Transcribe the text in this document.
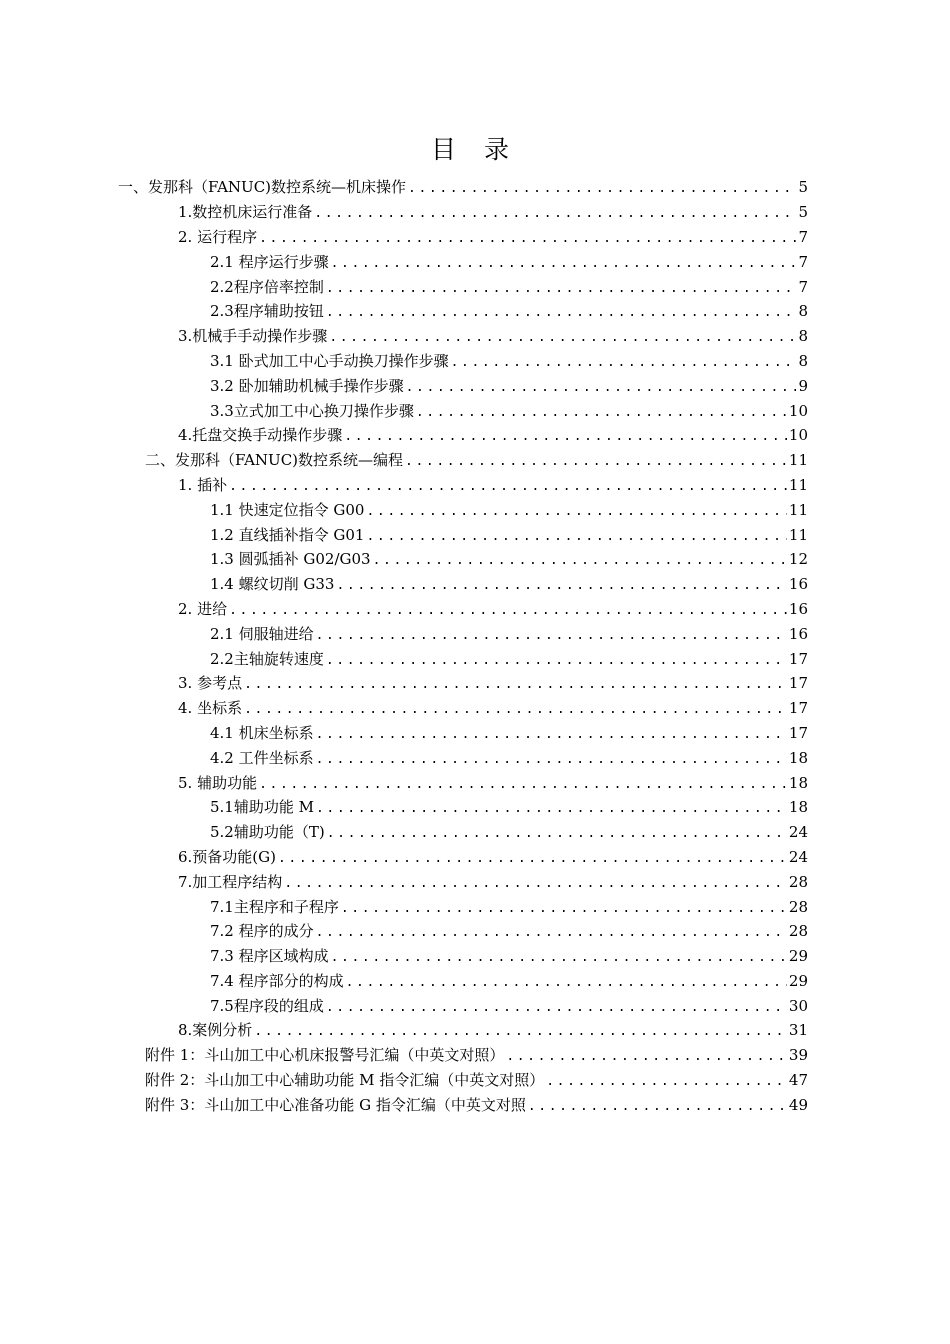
目 录
一、发那科（FANUC)数控系统—机床操作 .....	5
1.数控机床运行准备 .....	5
2. 运行程序 .....	7
2.1 程序运行步骤 .....	7
2.2程序倍率控制 .....	7
2.3程序辅助按钮 .....	8
3.机械手手动操作步骤 .....	8
3.1 卧式加工中心手动换刀操作步骤 .....	8
3.2 卧加辅助机械手操作步骤 .....	9
3.3立式加工中心换刀操作步骤 .....	10
4.托盘交换手动操作步骤 .....	10
二、发那科（FANUC)数控系统—编程 .....	11
1. 插补 .....	11
1.1 快速定位指令 G00 .....	11
1.2 直线插补指令 G01 .....	11
1.3 圆弧插补 G02/G03 .....	12
1.4 螺纹切削 G33 .....	16
2. 进给 .....	16
2.1 伺服轴进给 .....	16
2.2主轴旋转速度 .....	17
3. 参考点 .....	17
4. 坐标系 .....	17
4.1 机床坐标系 .....	17
4.2 工件坐标系 .....	18
5. 辅助功能 .....	18
5.1辅助功能 M .....	18
5.2辅助功能（T) .....	24
6.预备功能(G) .....	24
7.加工程序结构 .....	28
7.1主程序和子程序 .....	28
7.2 程序的成分 .....	28
7.3 程序区域构成 .....	29
7.4 程序部分的构成 .....	29
7.5程序段的组成 .....	30
8.案例分析 .....	31
附件 1：斗山加工中心机床报警号汇编（中英文对照） .....	39
附件 2：斗山加工中心辅助功能 M 指令汇编（中英文对照） .....	47
附件 3：斗山加工中心准备功能 G 指令汇编（中英文对照 .....	49
